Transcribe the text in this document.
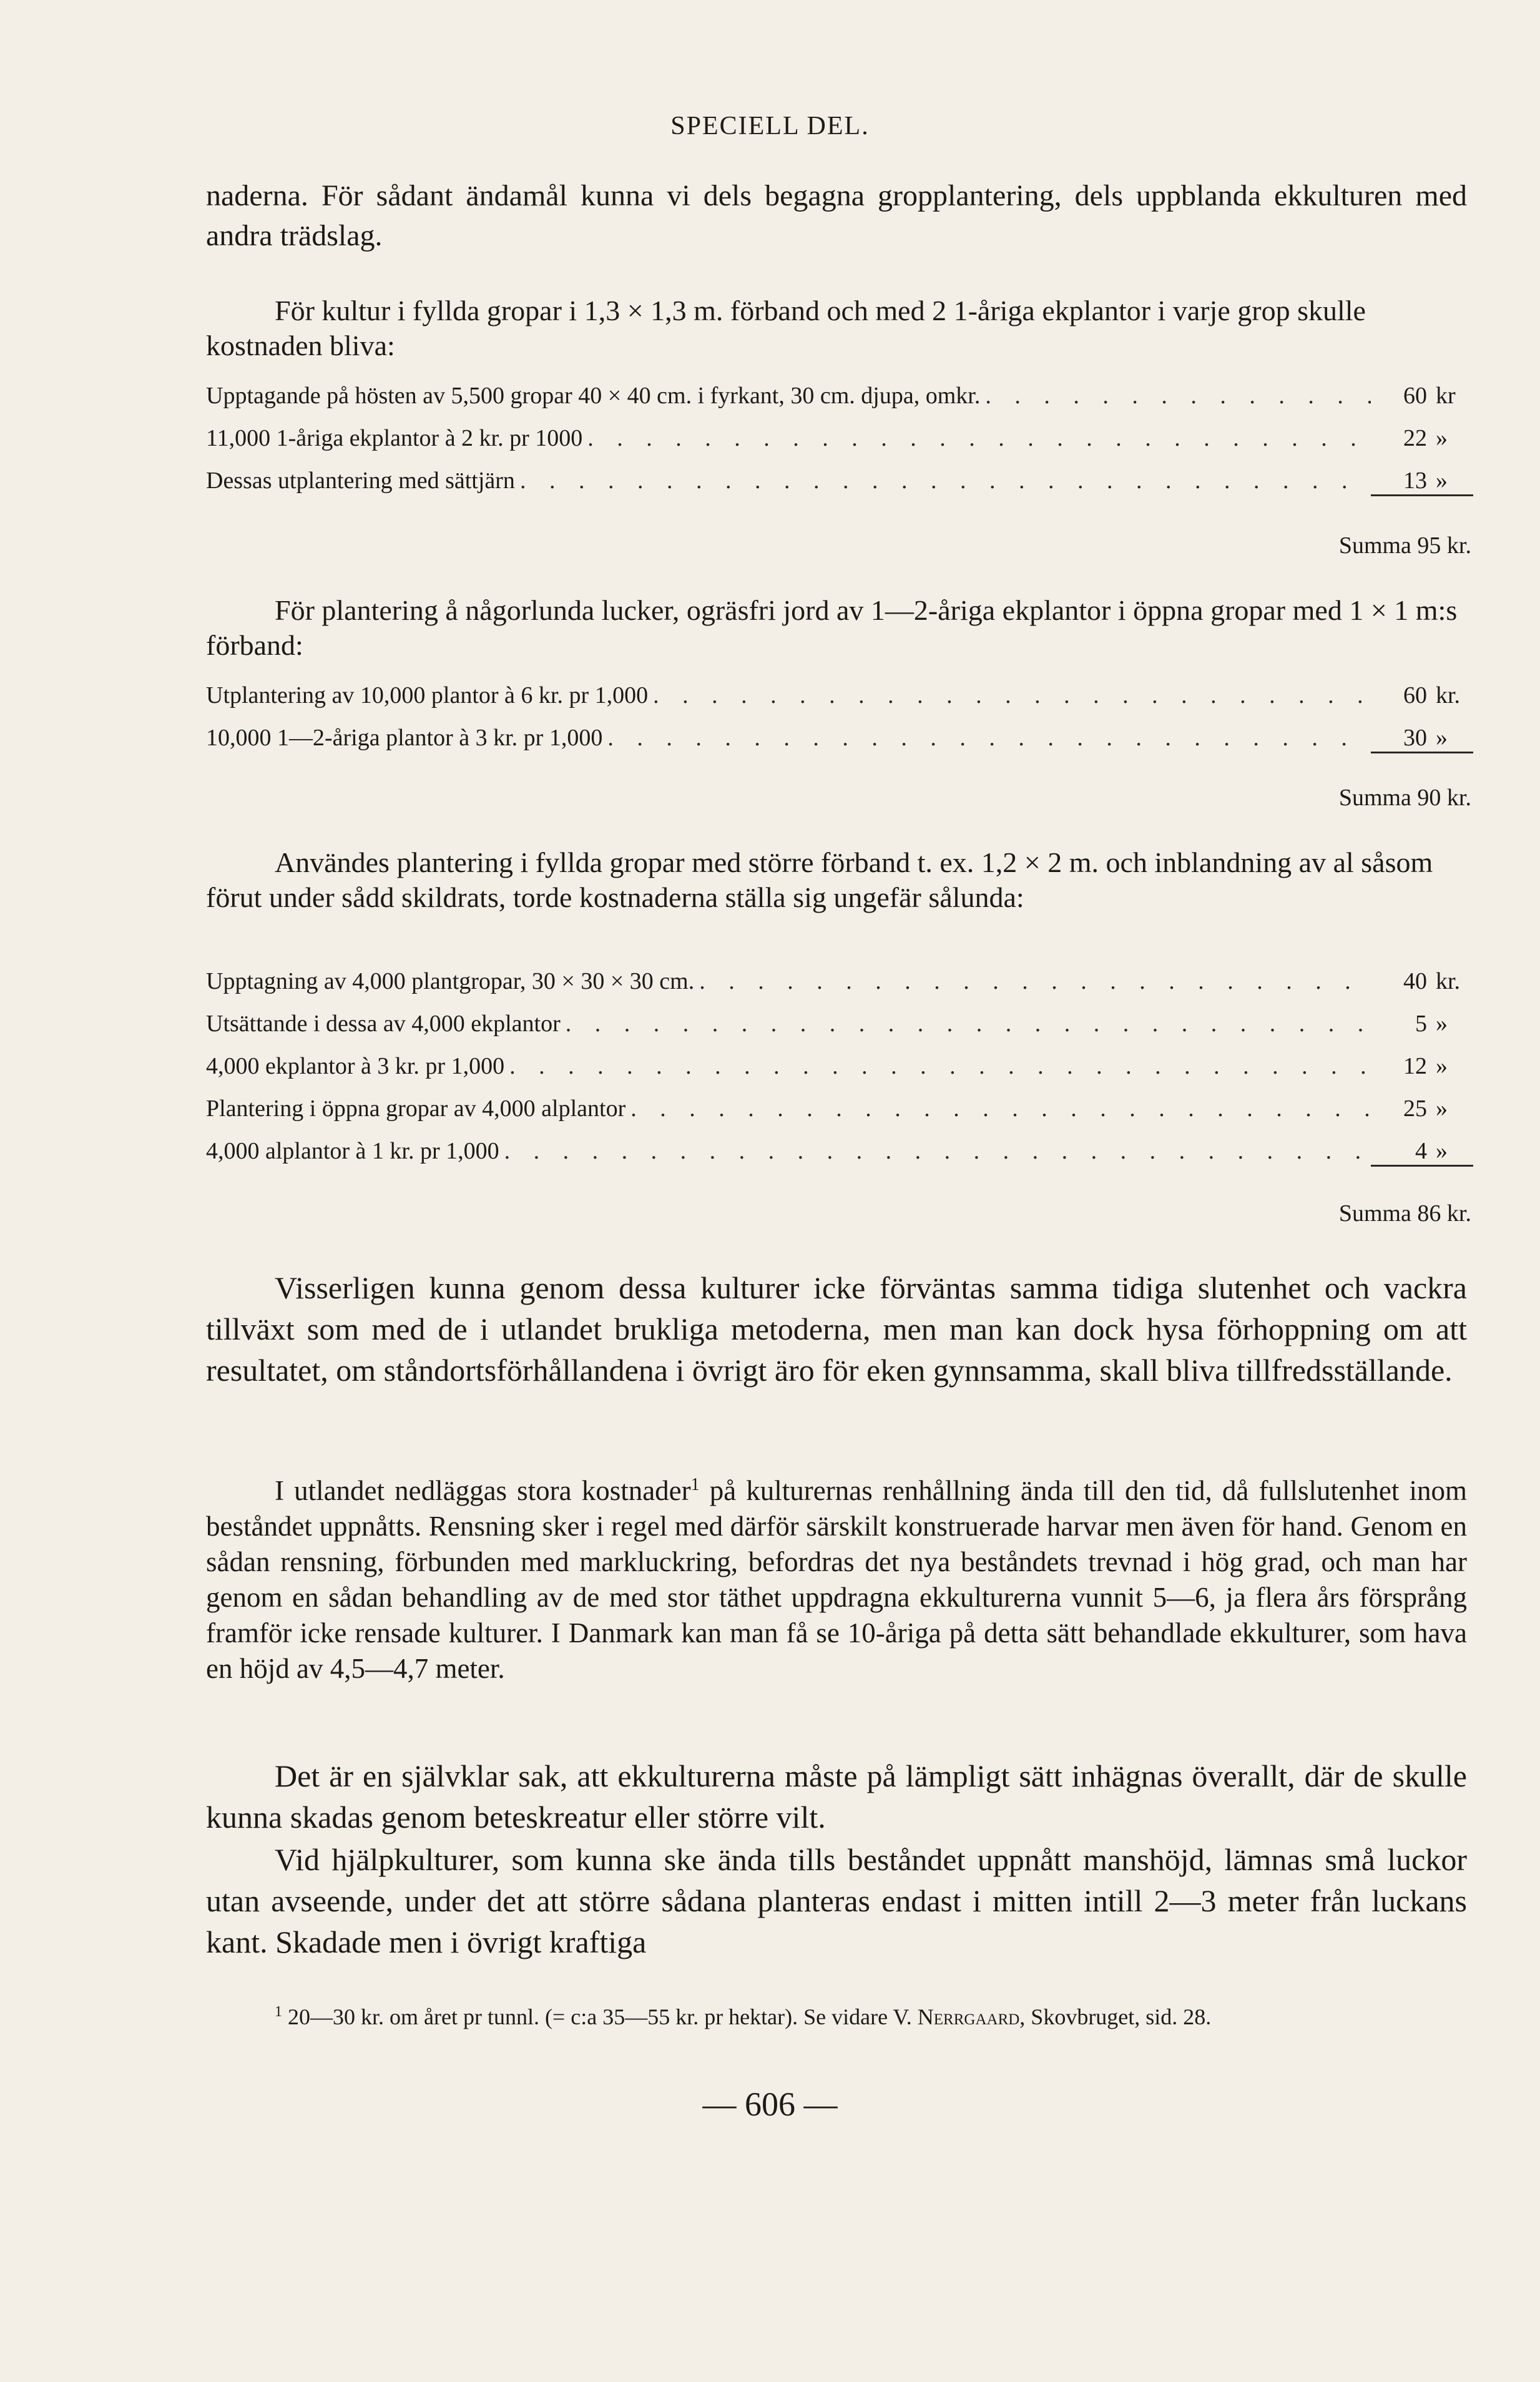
SPECIELL DEL.

naderna. För sådant ändamål kunna vi dels begagna gropplantering, dels uppblanda ekkulturen med andra trädslag.

För kultur i fyllda gropar i 1,3 × 1,3 m. förband och med 2 1-åriga ekplantor i varje grop skulle kostnaden bliva:

Upptagande på hösten av 5,500 gropar 40 × 40 cm. i fyrkant, 30 cm. djupa, omkr. . . .	60 kr
11,000 1-åriga ekplantor à 2 kr. pr 1000 . . .	22 »
Dessas utplantering med sättjärn . . .	13 »
Summa 95 kr.

För plantering å någorlunda lucker, ogräsfri jord av 1—2-åriga ekplantor i öppna gropar med 1 × 1 m:s förband:

Utplantering av 10,000 plantor à 6 kr. pr 1,000 . . .	60 kr.
10,000 1—2-åriga plantor à 3 kr. pr 1,000 . . .	30 »
Summa 90 kr.

Användes plantering i fyllda gropar med större förband t. ex. 1,2 × 2 m. och inblandning av al såsom förut under sådd skildrats, torde kostnaderna ställa sig ungefär sålunda:

Upptagning av 4,000 plantgropar, 30 × 30 × 30 cm. . . .	40 kr.
Utsättande i dessa av 4,000 ekplantor . . .	5 »
4,000 ekplantor à 3 kr. pr 1,000 . . .	12 »
Plantering i öppna gropar av 4,000 alplantor . . .	25 »
4,000 alplantor à 1 kr. pr 1,000 . . .	4 »
Summa 86 kr.

Visserligen kunna genom dessa kulturer icke förväntas samma tidiga slutenhet och vackra tillväxt som med de i utlandet brukliga metoderna, men man kan dock hysa förhoppning om att resultatet, om ståndortsförhållandena i övrigt äro för eken gynnsamma, skall bliva tillfredsställande.

I utlandet nedläggas stora kostnader$^1$ på kulturernas renhållning ända till den tid, då fullslutenhet inom beståndet uppnåtts. Rensning sker i regel med därför särskilt konstruerade harvar men även för hand. Genom en sådan rensning, förbunden med markluckring, befordras det nya beståndets trevnad i hög grad, och man har genom en sådan behandling av de med stor täthet uppdragna ekkulturerna vunnit 5—6, ja flera års försprång framför icke rensade kulturer. I Danmark kan man få se 10-åriga på detta sätt behandlade ekkulturer, som hava en höjd av 4,5—4,7 meter.

Det är en självklar sak, att ekkulturerna måste på lämpligt sätt inhägnas överallt, där de skulle kunna skadas genom beteskreatur eller större vilt.

Vid hjälpkulturer, som kunna ske ända tills beståndet uppnått manshöjd, lämnas små luckor utan avseende, under det att större sådana planteras endast i mitten intill 2—3 meter från luckans kant. Skadade men i övrigt kraftiga

$^1$ 20—30 kr. om året pr tunnl. (= c:a 35—55 kr. pr hektar). Se vidare V. Nerrgaard, Skovbruget, sid. 28.

— 606 —
